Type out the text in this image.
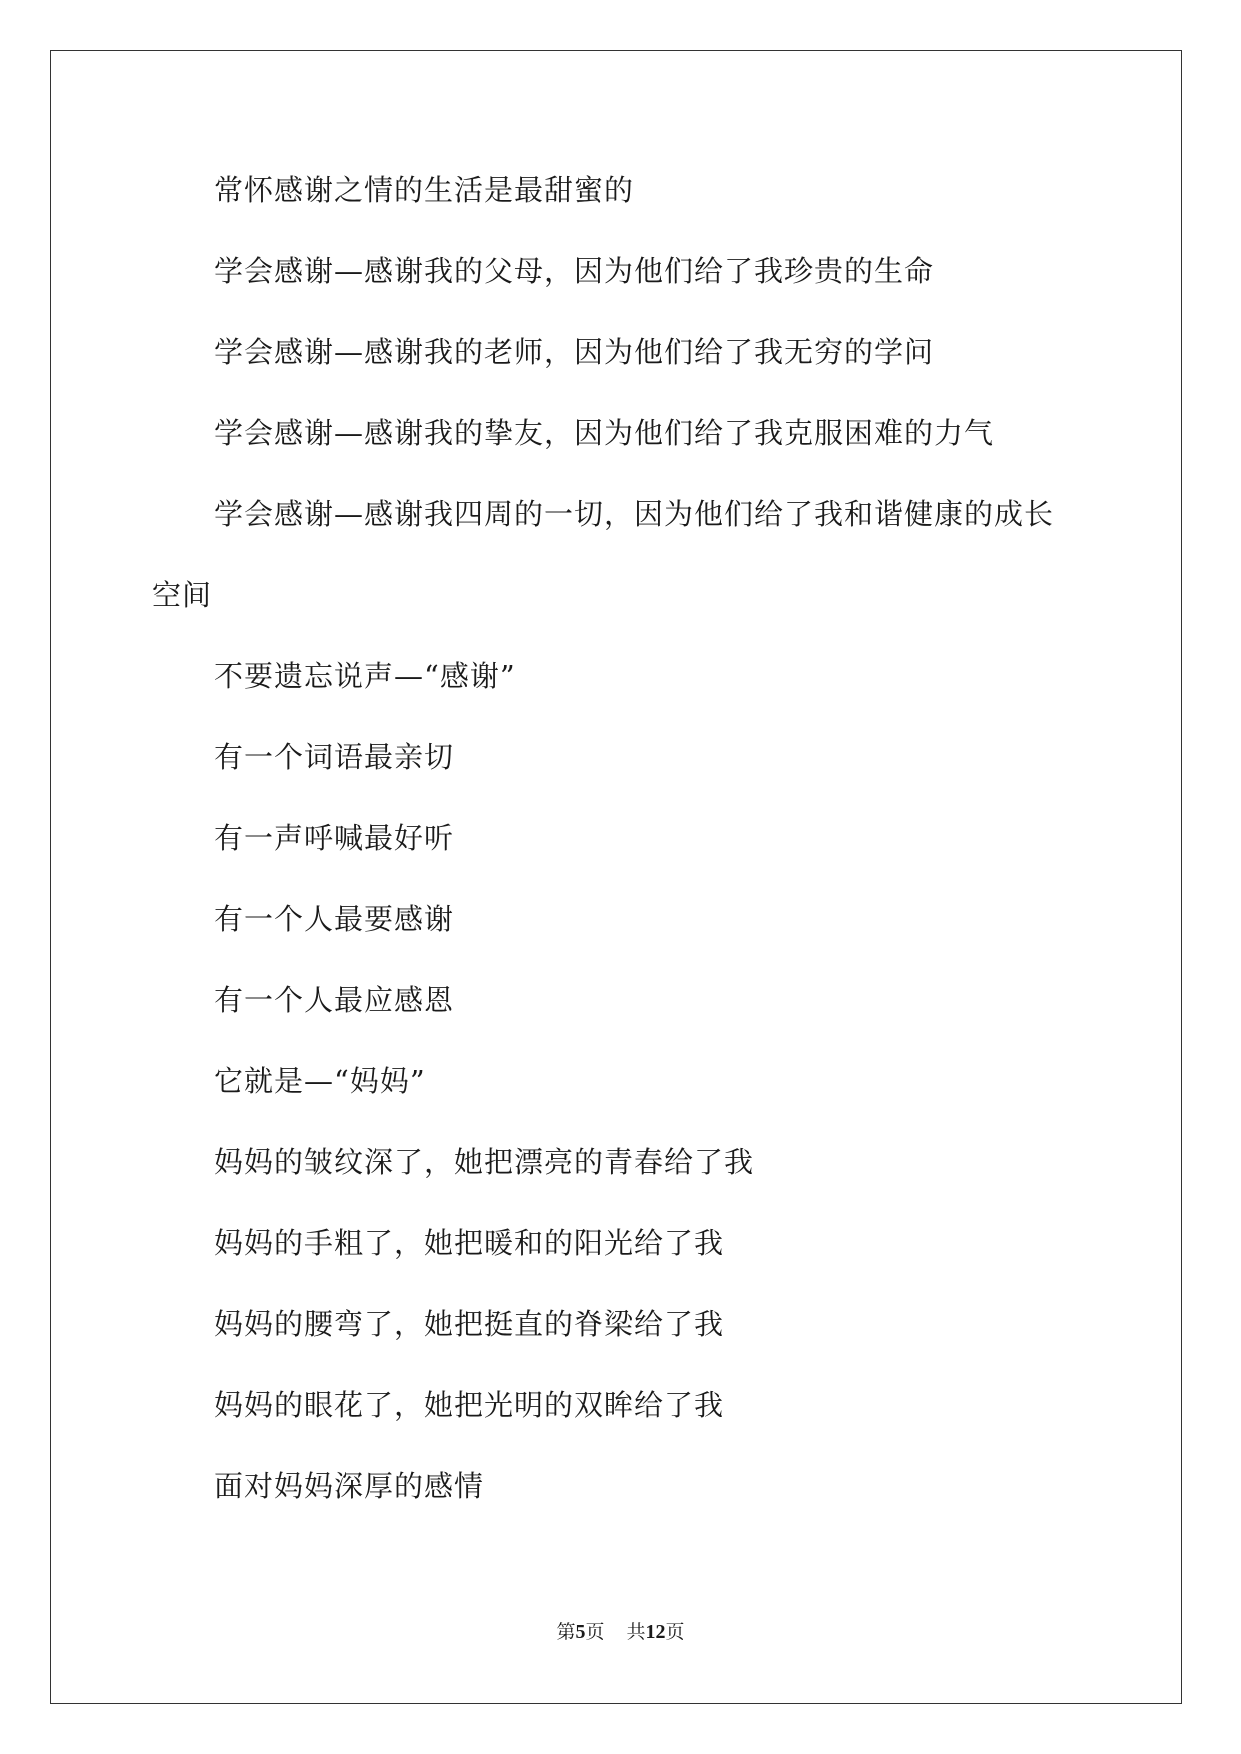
常怀感谢之情的生活是最甜蜜的
学会感谢—感谢我的父母，因为他们给了我珍贵的生命
学会感谢—感谢我的老师，因为他们给了我无穷的学问
学会感谢—感谢我的挚友，因为他们给了我克服困难的力气
学会感谢—感谢我四周的一切，因为他们给了我和谐健康的成长
空间
不要遗忘说声—“感谢”
有一个词语最亲切
有一声呼喊最好听
有一个人最要感谢
有一个人最应感恩
它就是—“妈妈”
妈妈的皱纹深了，她把漂亮的青春给了我
妈妈的手粗了，她把暖和的阳光给了我
妈妈的腰弯了，她把挺直的脊梁给了我
妈妈的眼花了，她把光明的双眸给了我
面对妈妈深厚的感情
第5页 共12页
